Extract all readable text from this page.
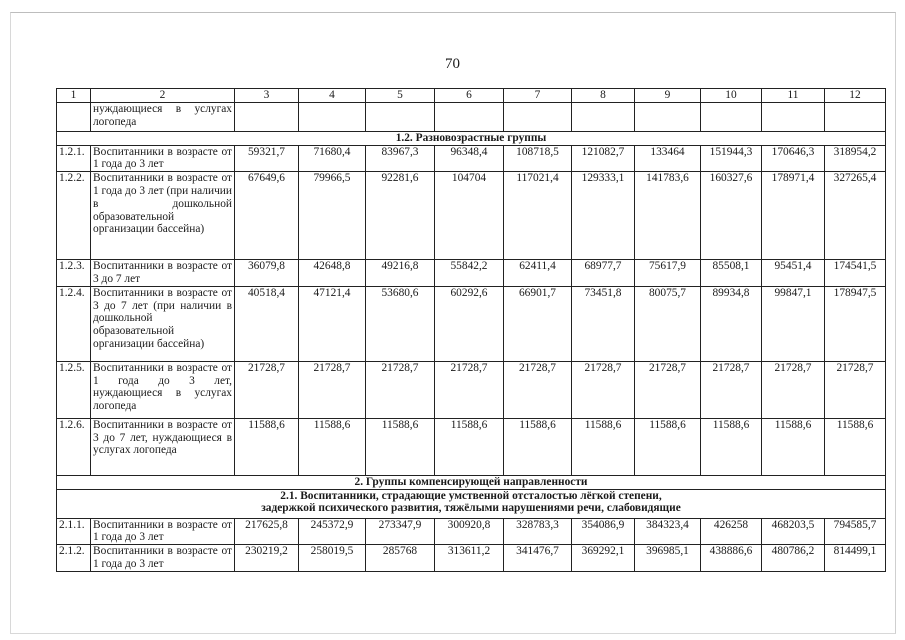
70
1	2	3	4	5	6	7	8	9	10	11	12
	нуждающиеся в услугах логопеда										
1.2. Разновозрастные группы											
1.2.1.	Воспитанники в возрасте от 1 года до 3 лет	59321,7	71680,4	83967,3	96348,4	108718,5	121082,7	133464	151944,3	170646,3	318954,2
1.2.2.	Воспитанники в возрасте от 1 года до 3 лет (при наличии в дошкольной образовательной организации бассейна)	67649,6	79966,5	92281,6	104704	117021,4	129333,1	141783,6	160327,6	178971,4	327265,4
1.2.3.	Воспитанники в возрасте от 3 до 7 лет	36079,8	42648,8	49216,8	55842,2	62411,4	68977,7	75617,9	85508,1	95451,4	174541,5
1.2.4.	Воспитанники в возрасте от 3 до 7 лет (при наличии в дошкольной образовательной организации бассейна)	40518,4	47121,4	53680,6	60292,6	66901,7	73451,8	80075,7	89934,8	99847,1	178947,5
1.2.5.	Воспитанники в возрасте от 1 года до 3 лет, нуждающиеся в услугах логопеда	21728,7	21728,7	21728,7	21728,7	21728,7	21728,7	21728,7	21728,7	21728,7	21728,7
1.2.6.	Воспитанники в возрасте от 3 до 7 лет, нуждающиеся в услугах логопеда	11588,6	11588,6	11588,6	11588,6	11588,6	11588,6	11588,6	11588,6	11588,6	11588,6
2. Группы компенсирующей направленности											

2.1. Воспитанники, страдающие умственной отсталостью лёгкой степени,
задержкой психического развития, тяжёлыми нарушениями речи, слабовидящие											

2.1.1.	Воспитанники в возрасте от 1 года до 3 лет	217625,8	245372,9	273347,9	300920,8	328783,3	354086,9	384323,4	426258	468203,5	794585,7
2.1.2.	Воспитанники в возрасте от 1 года до 3 лет	230219,2	258019,5	285768	313611,2	341476,7	369292,1	396985,1	438886,6	480786,2	814499,1
